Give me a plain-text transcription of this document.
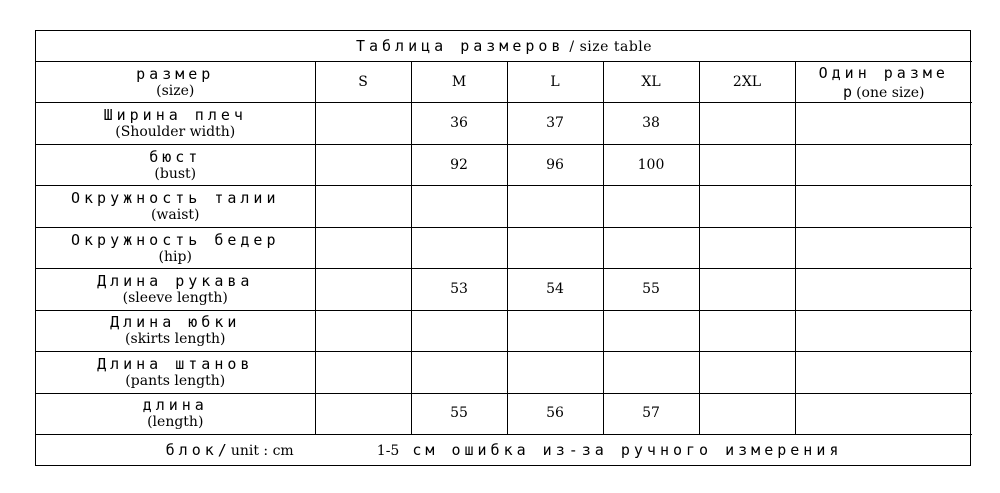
Таблица размеров / size table						

размер
(size)	S	M	L	XL	2XL	Один разме
р(one size)

Ширина плеч
(Shoulder width)		36	37	38		

бюст
(bust)		92	96	100		

Окружность талии
(waist)						

Окружность бедер
(hip)						

Длина рукава
(sleeve length)		53	54	55		

Длина юбки
(skirts length)						

Длина штанов
(pants length)						

длина
(length)		55	56	57		
блок/unit : cm 1-5 см ошибка из-за ручного измерения						
